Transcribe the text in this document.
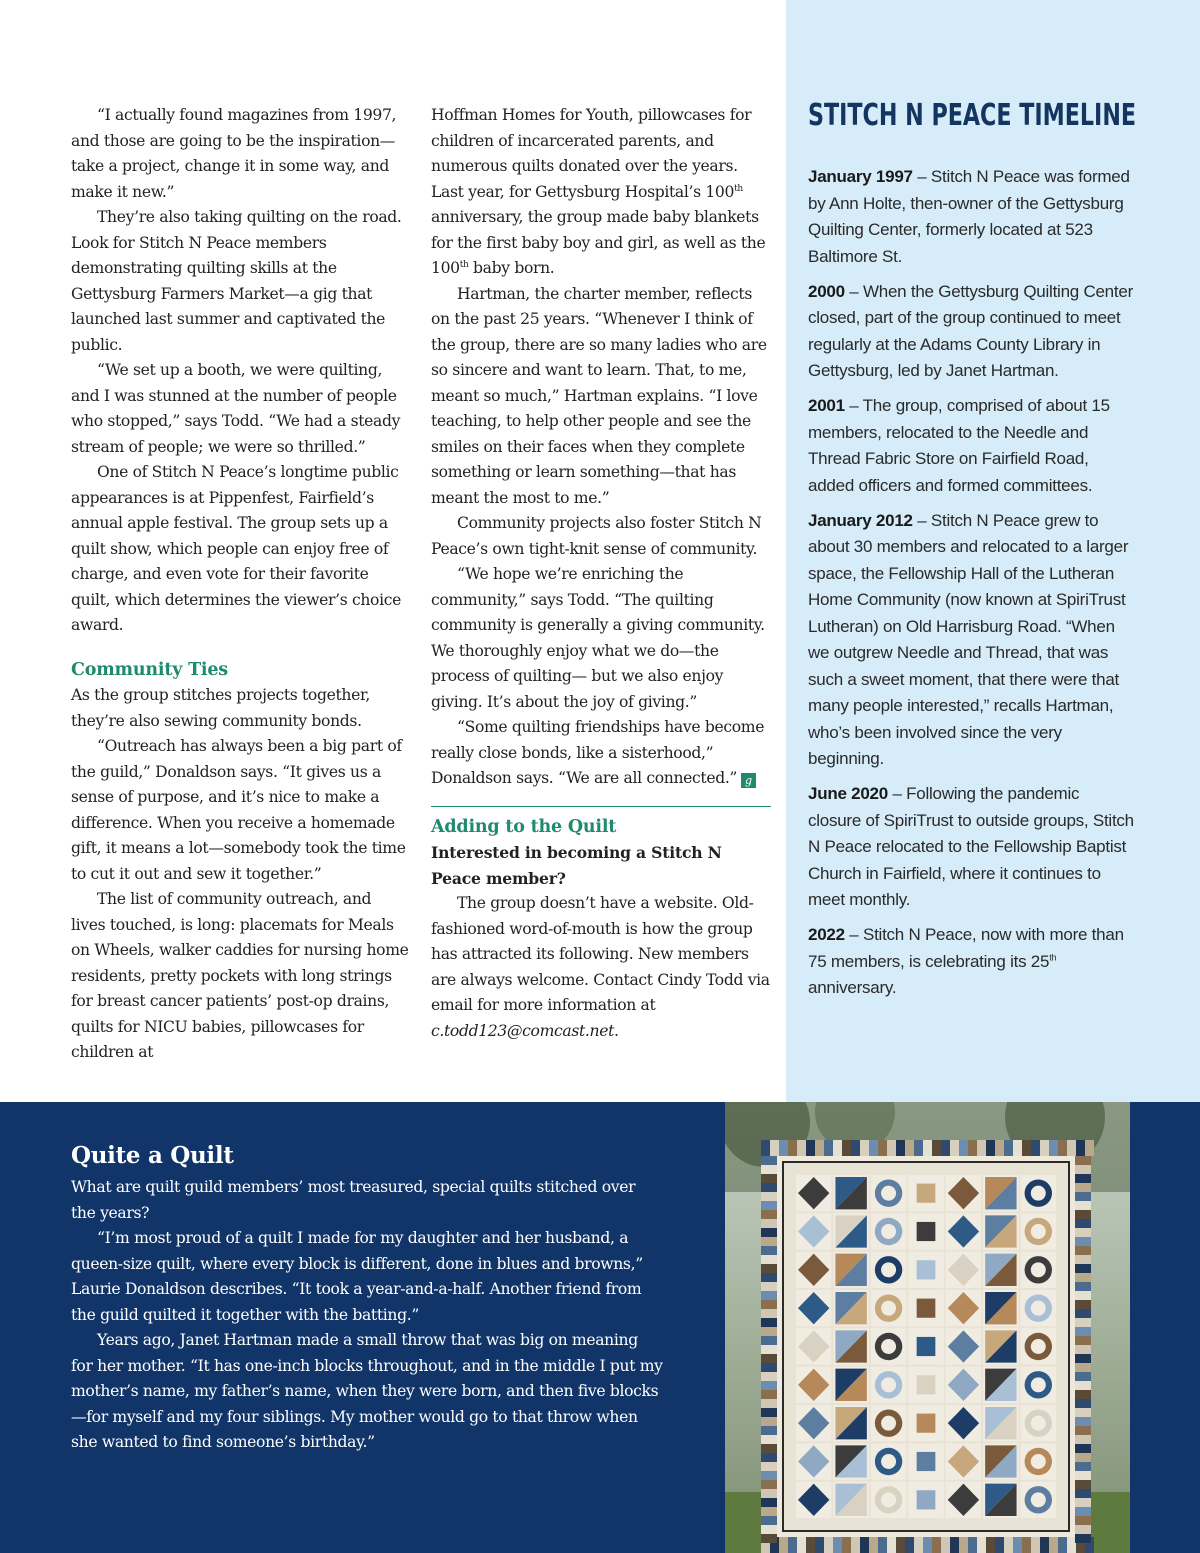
“I actually found magazines from 1997, and those are going to be the inspiration—take a project, change it in some way, and make it new.”

They’re also taking quilting on the road. Look for Stitch N Peace members demonstrating quilting skills at the Gettysburg Farmers Market—a gig that launched last summer and captivated the public.

“We set up a booth, we were quilting, and I was stunned at the number of people who stopped,” says Todd. “We had a steady stream of people; we were so thrilled.”

One of Stitch N Peace’s longtime public appearances is at Pippenfest, Fairfield’s annual apple festival. The group sets up a quilt show, which people can enjoy free of charge, and even vote for their favorite quilt, which determines the viewer’s choice award.

Community Ties

As the group stitches projects together, they’re also sewing community bonds.

“Outreach has always been a big part of the guild,” Donaldson says. “It gives us a sense of purpose, and it’s nice to make a difference. When you receive a homemade gift, it means a lot—somebody took the time to cut it out and sew it together.”

The list of community outreach, and lives touched, is long: placemats for Meals on Wheels, walker caddies for nursing home residents, pretty pockets with long strings for breast cancer patients’ post-op drains, quilts for NICU babies, pillowcases for children at

Hoffman Homes for Youth, pillowcases for children of incarcerated parents, and numerous quilts donated over the years. Last year, for Gettysburg Hospital’s 100th anniversary, the group made baby blankets for the first baby boy and girl, as well as the 100th baby born.

Hartman, the charter member, reflects on the past 25 years. “Whenever I think of the group, there are so many ladies who are so sincere and want to learn. That, to me, meant so much,” Hartman explains. “I love teaching, to help other people and see the smiles on their faces when they complete something or learn something—that has meant the most to me.”

Community projects also foster Stitch N Peace’s own tight-knit sense of community.

“We hope we’re enriching the community,” says Todd. “The quilting community is generally a giving community. We thoroughly enjoy what we do—the process of quilting— but we also enjoy giving. It’s about the joy of giving.”

“Some quilting friendships have become really close bonds, like a sisterhood,” Donaldson says. “We are all connected.” g

Adding to the Quilt

Interested in becoming a Stitch N Peace member?

The group doesn’t have a website. Old-fashioned word-of-mouth is how the group has attracted its following. New members are always welcome. Contact Cindy Todd via email for more information at c.todd123@comcast.net.

STITCH N PEACE TIMELINE

January 1997 – Stitch N Peace was formed by Ann Holte, then-owner of the Gettysburg Quilting Center, formerly located at 523 Baltimore St.

2000 – When the Gettysburg Quilting Center closed, part of the group continued to meet regularly at the Adams County Library in Gettysburg, led by Janet Hartman.

2001 – The group, comprised of about 15 members, relocated to the Needle and Thread Fabric Store on Fairfield Road, added officers and formed committees.

January 2012 – Stitch N Peace grew to about 30 members and relocated to a larger space, the Fellowship Hall of the Lutheran Home Community (now known at SpiriTrust Lutheran) on Old Harrisburg Road. “When we outgrew Needle and Thread, that was such a sweet moment, that there were that many people interested,” recalls Hartman, who’s been involved since the very beginning.

June 2020 – Following the pandemic closure of SpiriTrust to outside groups, Stitch N Peace relocated to the Fellowship Baptist Church in Fairfield, where it continues to meet monthly.

2022 – Stitch N Peace, now with more than 75 members, is celebrating its 25th anniversary.

Quite a Quilt

What are quilt guild members’ most treasured, special quilts stitched over the years?

“I’m most proud of a quilt I made for my daughter and her husband, a queen-size quilt, where every block is different, done in blues and browns,” Laurie Donaldson describes. “It took a year-and-a-half. Another friend from the guild quilted it together with the batting.”

Years ago, Janet Hartman made a small throw that was big on meaning for her mother. “It has one-inch blocks throughout, and in the middle I put my mother’s name, my father’s name, when they were born, and then five blocks—for myself and my four siblings. My mother would go to that throw when she wanted to find someone’s birthday.”
